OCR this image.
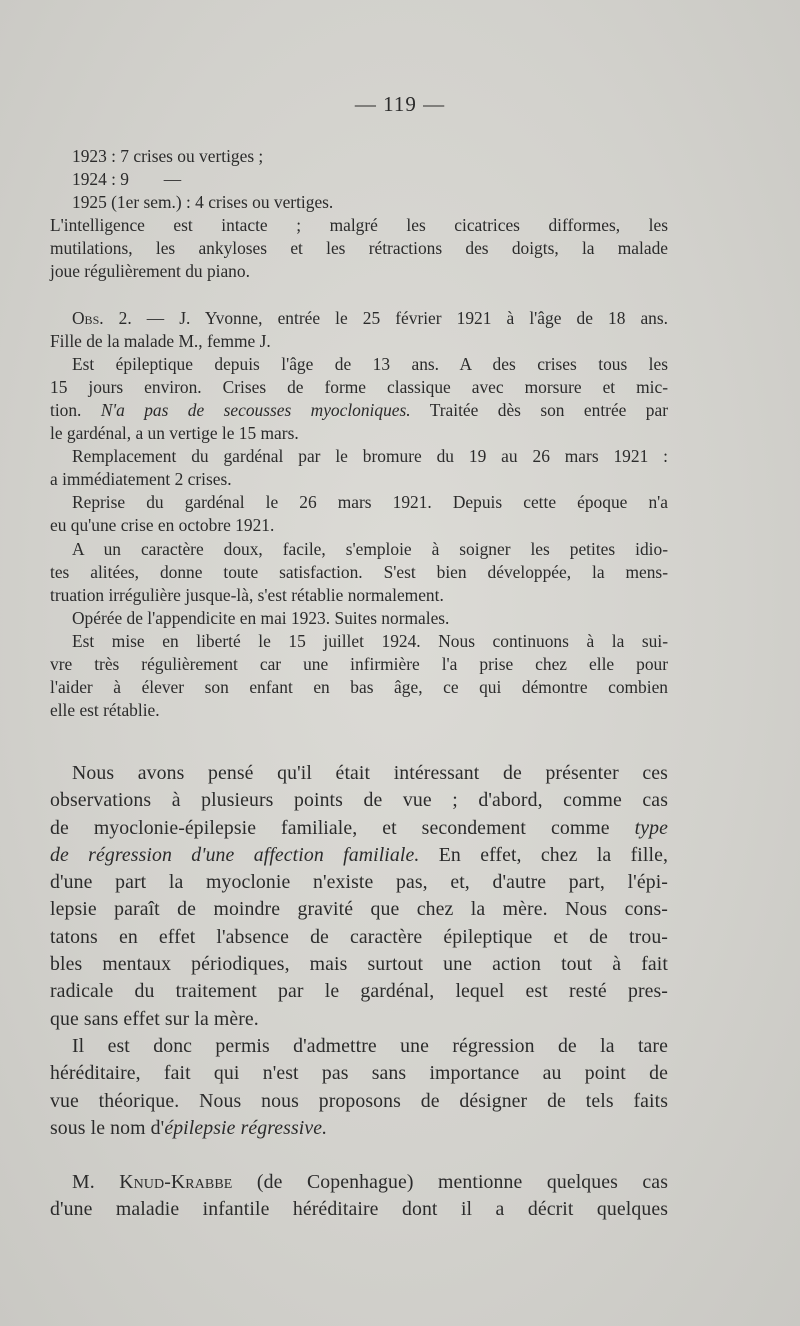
— 119 —
1923 : 7 crises ou vertiges ;
1924 : 9        —
1925 (1er sem.) : 4 crises ou vertiges.
L'intelligence est intacte ; malgré les cicatrices difformes, les
mutilations, les ankyloses et les rétractions des doigts, la malade
joue régulièrement du piano.
Obs. 2. — J. Yvonne, entrée le 25 février 1921 à l'âge de 18 ans.
Fille de la malade M., femme J.
Est épileptique depuis l'âge de 13 ans. A des crises tous les
15 jours environ. Crises de forme classique avec morsure et mic-
tion. N'a pas de secousses myocloniques. Traitée dès son entrée par
le gardénal, a un vertige le 15 mars.
Remplacement du gardénal par le bromure du 19 au 26 mars 1921 :
a immédiatement 2 crises.
Reprise du gardénal le 26 mars 1921. Depuis cette époque n'a
eu qu'une crise en octobre 1921.
A un caractère doux, facile, s'emploie à soigner les petites idio-
tes alitées, donne toute satisfaction. S'est bien développée, la mens-
truation irrégulière jusque-là, s'est rétablie normalement.
Opérée de l'appendicite en mai 1923. Suites normales.
Est mise en liberté le 15 juillet 1924. Nous continuons à la sui-
vre très régulièrement car une infirmière l'a prise chez elle pour
l'aider à élever son enfant en bas âge, ce qui démontre combien
elle est rétablie.
Nous avons pensé qu'il était intéressant de présenter ces
observations à plusieurs points de vue ; d'abord, comme cas
de myoclonie-épilepsie familiale, et secondement comme type
de régression d'une affection familiale. En effet, chez la fille,
d'une part la myoclonie n'existe pas, et, d'autre part, l'épi-
lepsie paraît de moindre gravité que chez la mère. Nous cons-
tatons en effet l'absence de caractère épileptique et de trou-
bles mentaux périodiques, mais surtout une action tout à fait
radicale du traitement par le gardénal, lequel est resté pres-
que sans effet sur la mère.
Il est donc permis d'admettre une régression de la tare
héréditaire, fait qui n'est pas sans importance au point de
vue théorique. Nous nous proposons de désigner de tels faits
sous le nom d'épilepsie régressive.
M. Knud-Krabbe (de Copenhague) mentionne quelques cas
d'une maladie infantile héréditaire dont il a décrit quelques
